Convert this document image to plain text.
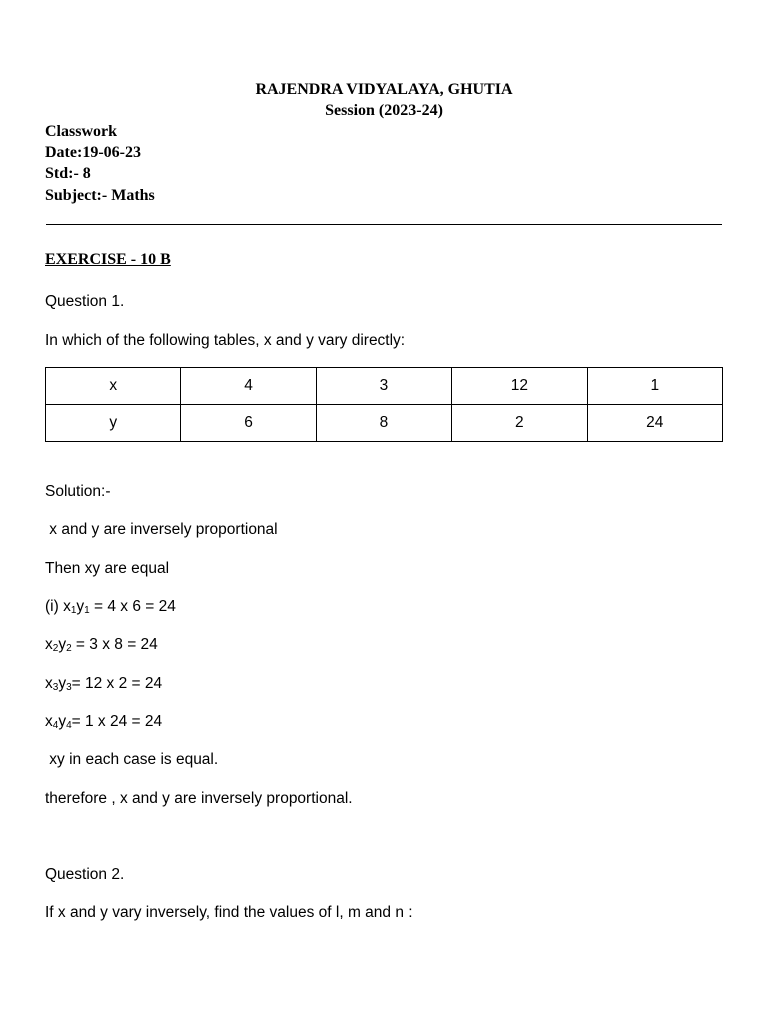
RAJENDRA VIDYALAYA, GHUTIA
Session (2023-24)
Classwork
Date:19-06-23
Std:- 8
Subject:- Maths
EXERCISE - 10 B
Question 1.
In which of the following tables, x and y vary directly:
x	4	3	12	1
y	6	8	2	24
Solution:-
x and y are inversely proportional
Then xy are equal
(i) $x_1y_1 = 4$ x 6 = 24
$x_2y_2 = 3$ x 8 = 24
$x_3y_3= 12$ x 2 = 24
$x_4y_4= 1$ x 24 = 24
xy in each case is equal.
therefore , x and y are inversely proportional.
Question 2.
If x and y vary inversely, find the values of l, m and n :
